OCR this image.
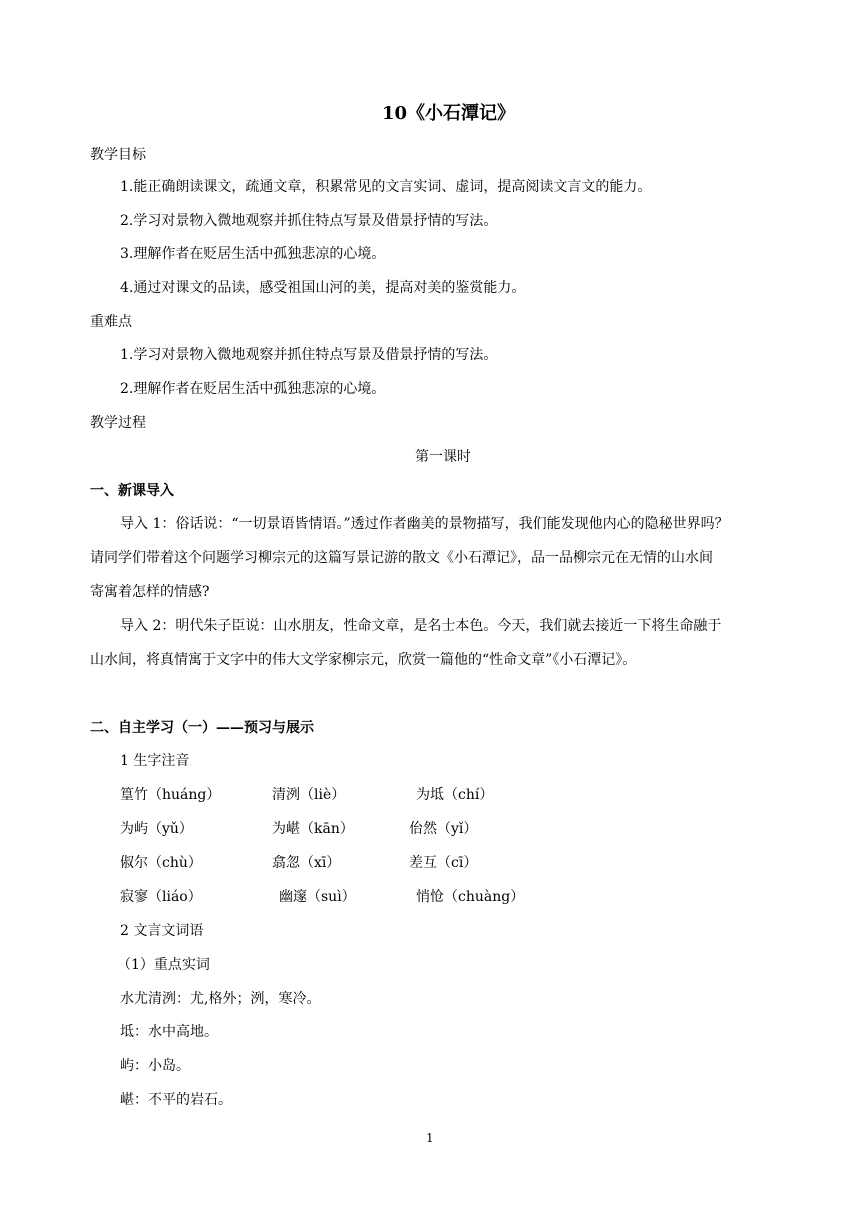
10《小石潭记》
教学目标
1.能正确朗读课文，疏通文章，积累常见的文言实词、虚词，提高阅读文言文的能力。
2.学习对景物入微地观察并抓住特点写景及借景抒情的写法。
3.理解作者在贬居生活中孤独悲凉的心境。
4.通过对课文的品读，感受祖国山河的美，提高对美的鉴赏能力。
重难点
1.学习对景物入微地观察并抓住特点写景及借景抒情的写法。
2.理解作者在贬居生活中孤独悲凉的心境。
教学过程
第一课时
一、新课导入
导入 1：俗话说：“一切景语皆情语。”透过作者幽美的景物描写，我们能发现他内心的隐秘世界吗？
请同学们带着这个问题学习柳宗元的这篇写景记游的散文《小石潭记》，品一品柳宗元在无情的山水间
寄寓着怎样的情感?
导入 2：明代朱子臣说：山水朋友，性命文章，是名士本色。今天，我们就去接近一下将生命融于
山水间，将真情寓于文字中的伟大文学家柳宗元，欣赏一篇他的“性命文章”《小石潭记》。
二、自主学习（一）——预习与展示
1 生字注音
篁竹（huáng）	清洌（liè）	为坻（chí）
为屿（yǔ）	为嵁（kān）	佁然（yǐ）
俶尔（chù）	翕忽（xī）	差互（cī）
寂寥（liáo）	幽邃（suì）	悄怆（chuàng）
2 文言文词语
（1）重点实词
水尤清洌：尤,格外；洌，寒冷。
坻：水中高地。
屿：小岛。
嵁：不平的岩石。
1
